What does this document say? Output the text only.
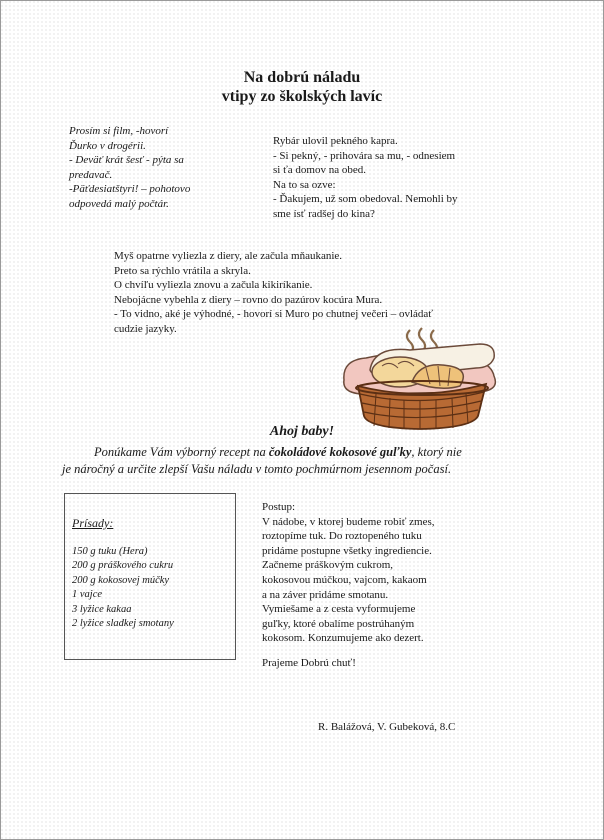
Na dobrú náladu
vtipy zo školských lavíc
Prosím si film, -hovorí
Ďurko v drogérii.
- Deväť krát šesť - pýta sa
predavač.
-Päťdesiatštyri! – pohotovo
odpovedá malý počtár.
Rybár ulovil pekného kapra.
- Si pekný, - prihovára sa mu, - odnesiem
si ťa domov na obed.
Na to sa ozve:
- Ďakujem, už som obedoval. Nemohli by
sme ísť radšej do kina?
Myš opatrne vyliezla z diery, ale začula mňaukanie.
Preto sa rýchlo vrátila a skryla.
O chvíľu vyliezla znovu a začula kikiríkanie.
Nebojácne vybehla z diery – rovno do pazúrov kocúra Mura.
- To vidno, aké je výhodné, - hovorí si Muro po chutnej večeri – ovládať
cudzie jazyky.
Ahoj baby!
Ponúkame Vám výborný recept na čokoládové kokosové guľky, ktorý nie
je náročný a určite zlepší Vašu náladu v tomto pochmúrnom jesennom počasí.
Prísady:
150 g tuku (Hera)
200 g práškového cukru
200 g kokosovej múčky
1 vajce
3 lyžice kakaa
2 lyžice sladkej smotany
Postup:
V nádobe, v ktorej budeme robiť zmes,
roztopíme tuk. Do roztopeného tuku
pridáme postupne všetky ingrediencie.
Začneme práškovým cukrom,
kokosovou múčkou, vajcom, kakaom
a na záver pridáme smotanu.
Vymiešame a z cesta vyformujeme
guľky, ktoré obalíme postrúhaným
kokosom. Konzumujeme ako dezert.
Prajeme Dobrú chuť!
R. Balážová, V. Gubeková, 8.C
